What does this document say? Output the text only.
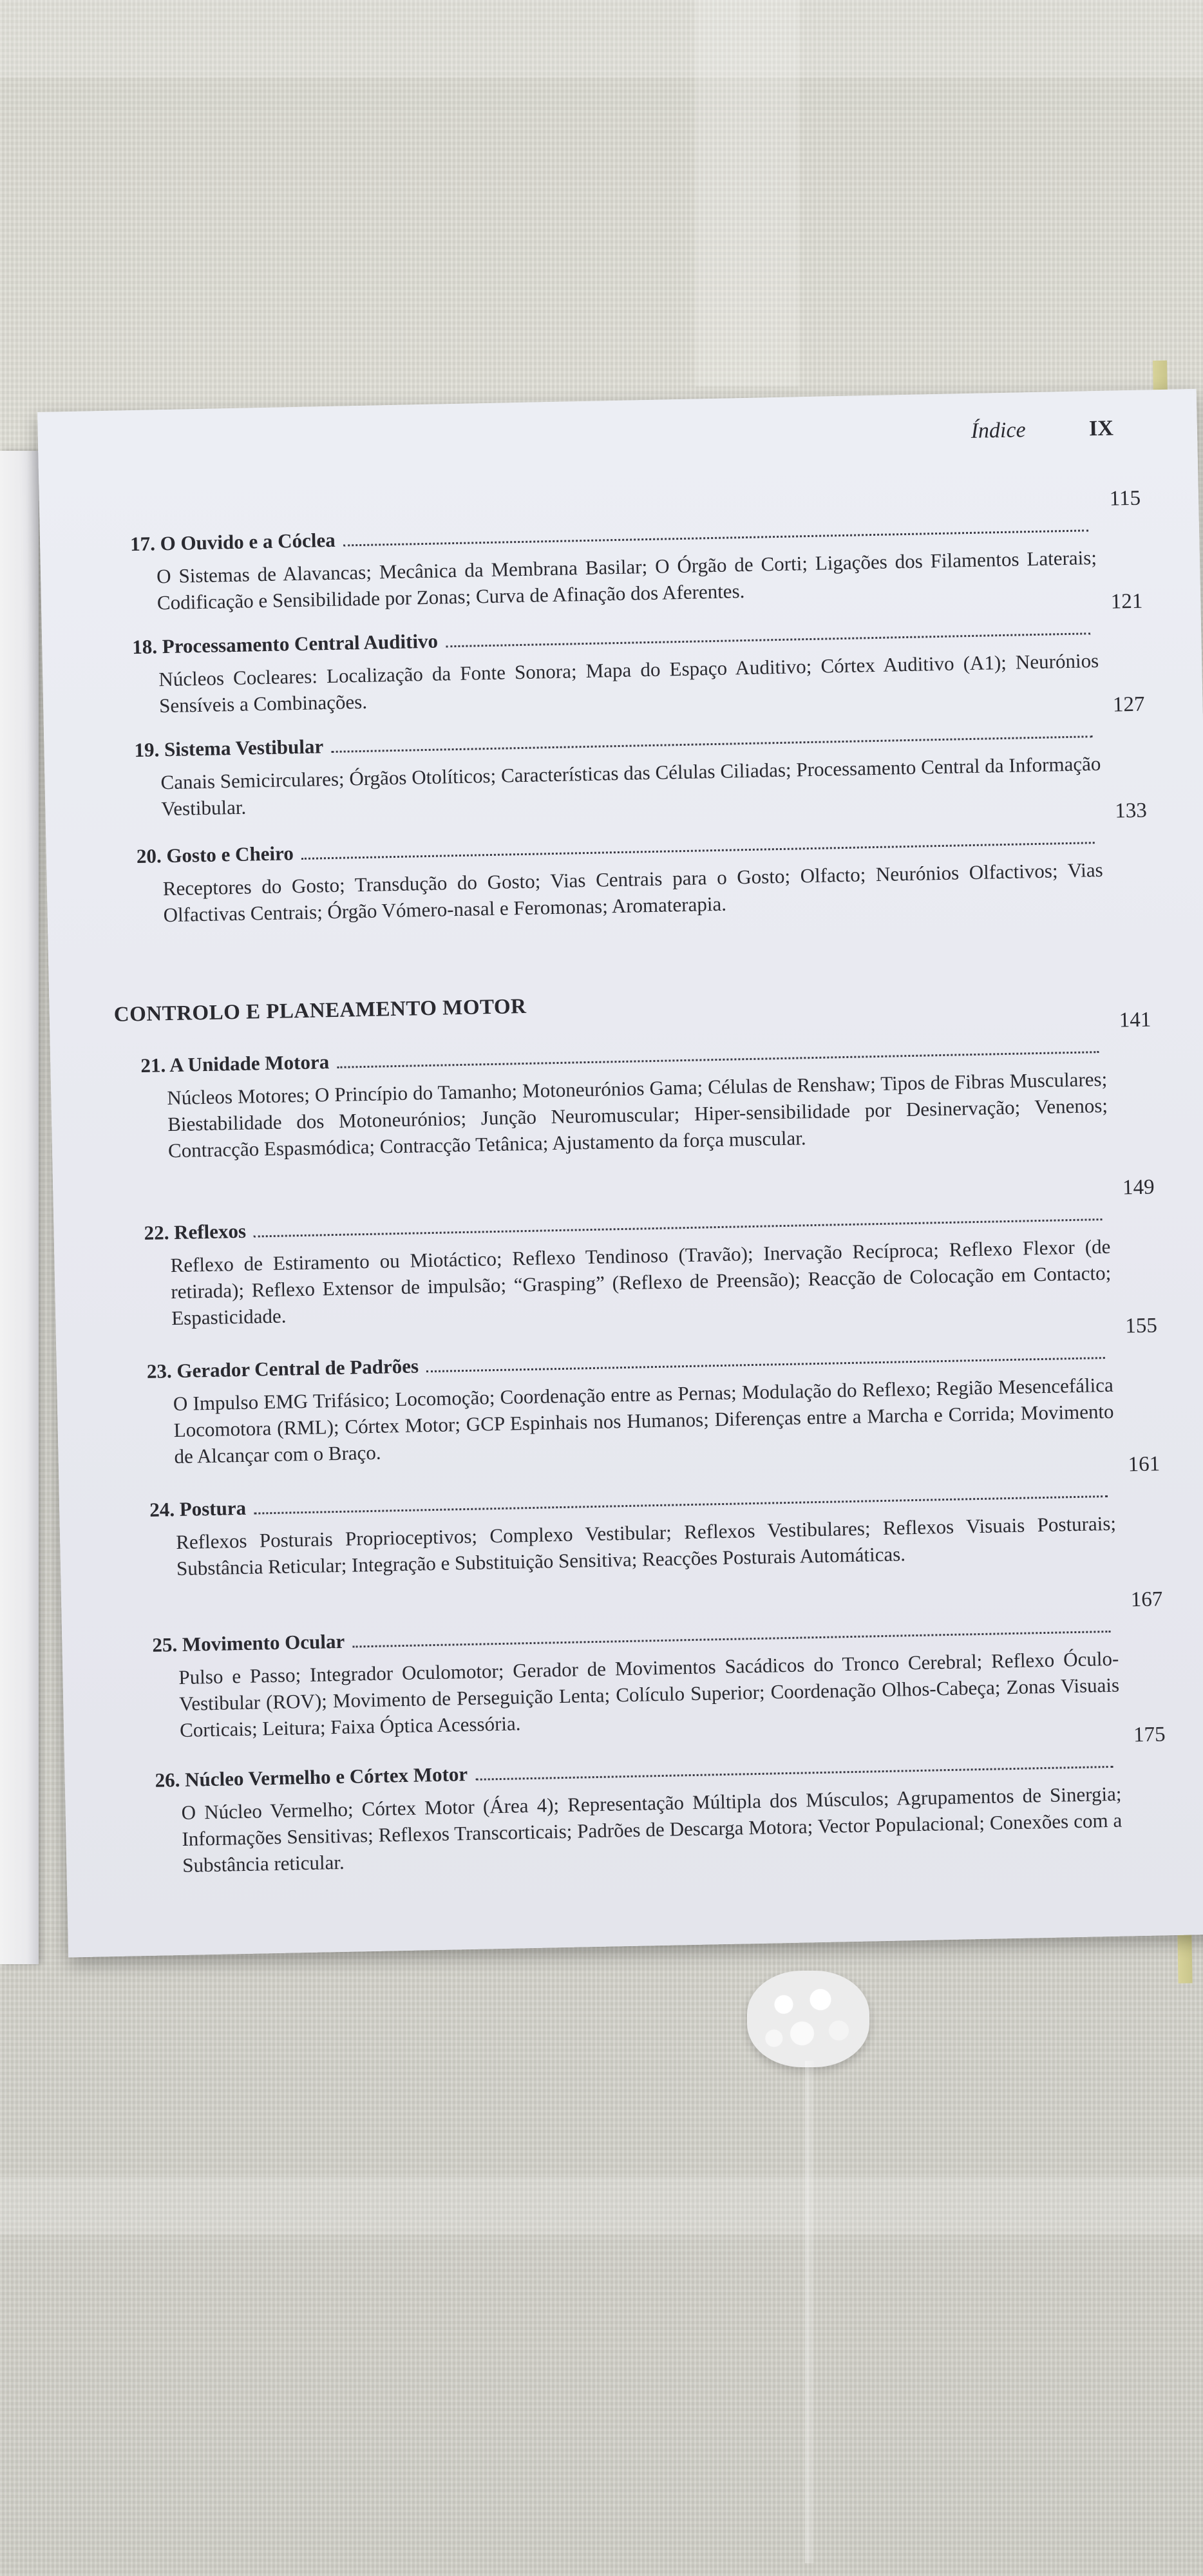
Índice	IX
17. O Ouvido e a Cóclea
115
O Sistemas de Alavancas; Mecânica da Membrana Basilar; O Órgão de Corti; Ligações dos Filamentos Laterais; Codificação e Sensibilidade por Zonas; Curva de Afinação dos Aferentes.
18. Processamento Central Auditivo
121
Núcleos Cocleares: Localização da Fonte Sonora; Mapa do Espaço Auditivo; Córtex Auditivo (A1); Neurónios Sensíveis a Combinações.
19. Sistema Vestibular
127
Canais Semicirculares; Órgãos Otolíticos; Características das Células Ciliadas; Processamento Central da Informação Vestibular.
20. Gosto e Cheiro
133
Receptores do Gosto; Transdução do Gosto; Vias Centrais para o Gosto; Olfacto; Neurónios Olfactivos; Vias Olfactivas Centrais; Órgão Vómero-nasal e Feromonas; Aromaterapia.
CONTROLO E PLANEAMENTO MOTOR
21. A Unidade Motora
141
Núcleos Motores; O Princípio do Tamanho; Motoneurónios Gama; Células de Renshaw; Tipos de Fibras Musculares; Biestabilidade dos Motoneurónios; Junção Neuromuscular; Hiper-sensibilidade por Desinervação; Venenos; Contracção Espasmódica; Contracção Tetânica; Ajustamento da força muscular.
22. Reflexos
149
Reflexo de Estiramento ou Miotáctico; Reflexo Tendinoso (Travão); Inervação Recíproca; Reflexo Flexor (de retirada); Reflexo Extensor de impulsão; “Grasping” (Reflexo de Preensão); Reacção de Colocação em Contacto; Espasticidade.
23. Gerador Central de Padrões
155
O Impulso EMG Trifásico; Locomoção; Coordenação entre as Pernas; Modulação do Reflexo; Região Mesencefálica Locomotora (RML); Córtex Motor; GCP Espinhais nos Humanos; Diferenças entre a Marcha e Corrida; Movimento de Alcançar com o Braço.
24. Postura
161
Reflexos Posturais Proprioceptivos; Complexo Vestibular; Reflexos Vestibulares; Reflexos Visuais Posturais; Substância Reticular; Integração e Substituição Sensitiva; Reacções Posturais Automáticas.
25. Movimento Ocular
167
Pulso e Passo; Integrador Oculomotor; Gerador de Movimentos Sacádicos do Tronco Cerebral; Reflexo Óculo-Vestibular (ROV); Movimento de Perseguição Lenta; Colículo Superior; Coordenação Olhos-Cabeça; Zonas Visuais Corticais; Leitura; Faixa Óptica Acessória.
26. Núcleo Vermelho e Córtex Motor
175
O Núcleo Vermelho; Córtex Motor (Área 4); Representação Múltipla dos Músculos; Agrupamentos de Sinergia; Informações Sensitivas; Reflexos Transcorticais; Padrões de Descarga Motora; Vector Populacional; Conexões com a Substância reticular.
